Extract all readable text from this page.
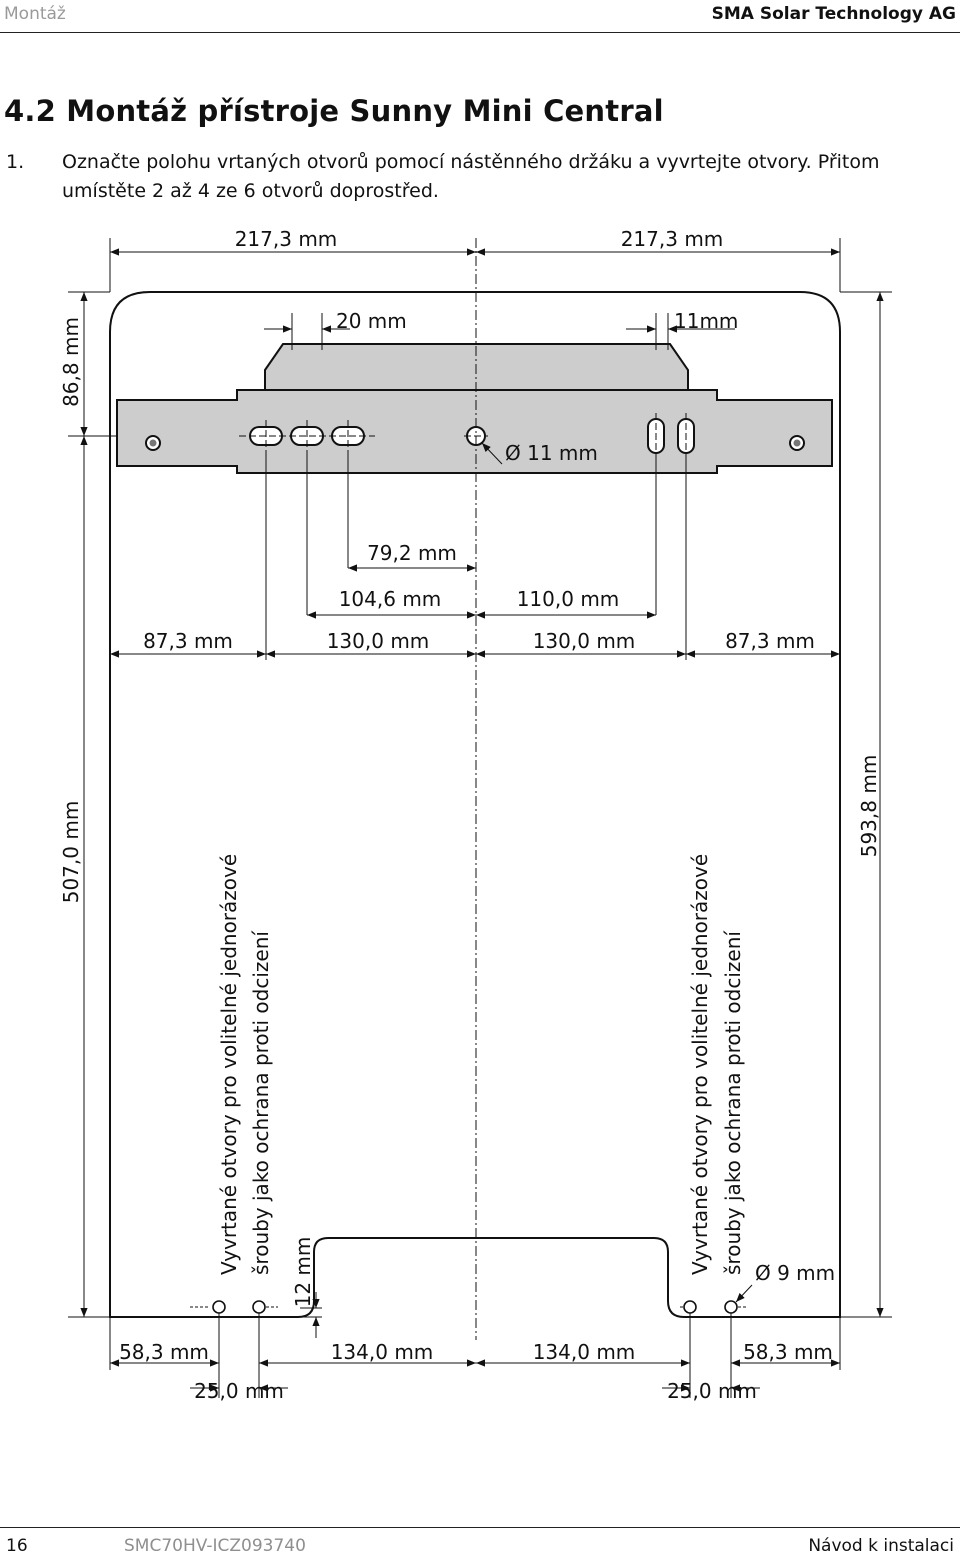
Montáž	SMA Solar Technology AG
4.2 Montáž přístroje Sunny Mini Central
1. Označte polohu vrtaných otvorů pomocí nástěnného držáku a vyvrtejte otvory. Přitom umístěte 2 až 4 ze 6 otvorů doprostřed.
217,3 mm	217,3 mm
86,8 mm	20 mm	11mm
Ø 11 mm
79,2 mm
104,6 mm	110,0 mm
87,3 mm	130,0 mm	130,0 mm	87,3 mm
507,0 mm	593,8 mm
Vyvrtané otvory pro volitelné jednorázové šrouby jako ochrana proti odcizení	Vyvrtané otvory pro volitelné jednorázové šrouby jako ochrana proti odcizení
12 mm	Ø 9 mm
58,3 mm	134,0 mm	134,0 mm	58,3 mm
25,0 mm	25,0 mm
16	SMC70HV-ICZ093740	Návod k instalaci
